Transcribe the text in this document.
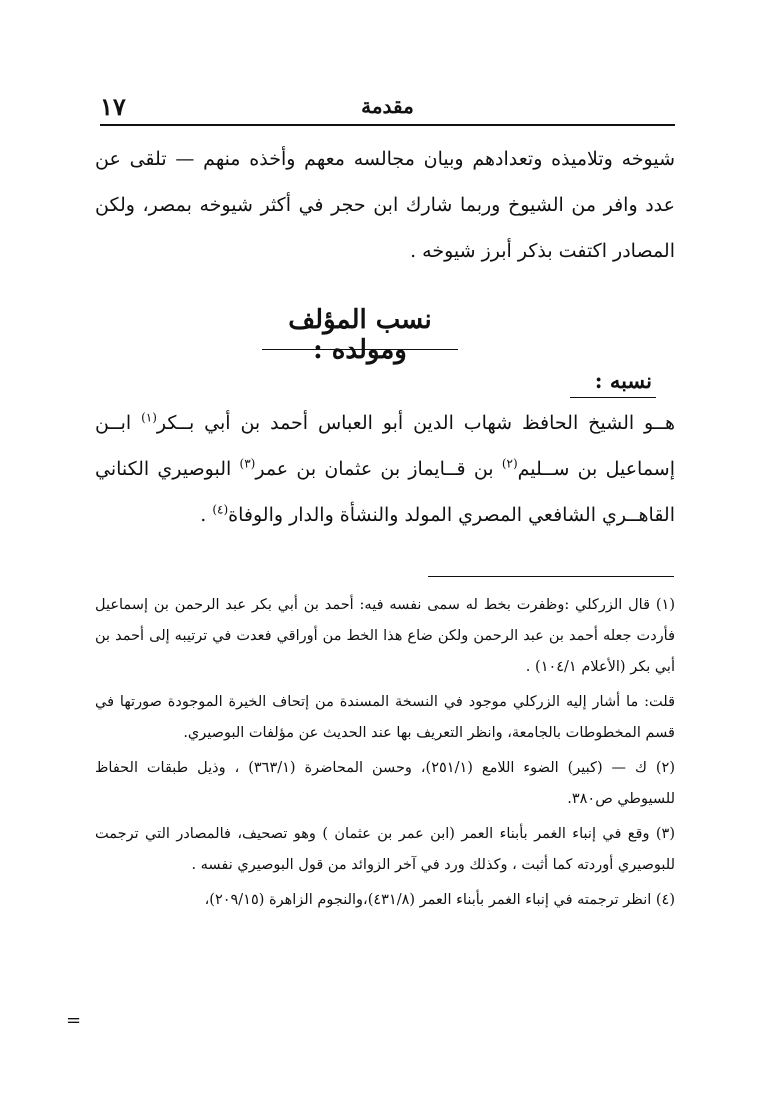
مقدمة
١٧
شيوخه وتلاميذه وتعدادهم وبيان مجالسه معهم وأخذه منهم — تلقى عن عدد وافر من الشيوخ وربما شارك ابن حجر في أكثر شيوخه بمصر، ولكن المصادر اكتفت بذكر أبرز شيوخه .
نسب المؤلف ومولده :
نسبه :

هــو الشيخ الحافظ شهاب الدين أبو العباس أحمد بن أبي بــكر$^{(١)}$ ابــن إسماعيل بن ســليم$^{(٢)}$ بن قــايماز بن عثمان بن عمر$^{(٣)}$ البوصيري الكناني القاهــري الشافعي المصري المولد والنشأة والدار والوفاة$^{(٤)}$ .

(١) قال الزركلي :وظفرت بخط له سمى نفسه فيه: أحمد بن أبي بكر عبد الرحمن بن إسماعيل فأردت جعله أحمد بن عبد الرحمن ولكن ضاع هذا الخط من أوراقي فعدت في ترتيبه إلى أحمد بن أبي بكر (الأعلام ١٠٤/١) .

قلت: ما أشار إليه الزركلي موجود في النسخة المسندة من إتحاف الخيرة الموجودة صورتها في قسم المخطوطات بالجامعة، وانظر التعريف بها عند الحديث عن مؤلفات البوصيري.

(٢) ك — (كبير) الضوء اللامع (٢٥١/١)، وحسن المحاضرة (٣٦٣/١) ، وذيل طبقات الحفاظ للسيوطي ص٣٨٠.

(٣) وقع في إنباء الغمر بأبناء العمر (ابن عمر بن عثمان ) وهو تصحيف، فالمصادر التي ترجمت للبوصيري أوردته كما أثبت ، وكذلك ورد في آخر الزوائد من قول البوصيري نفسه .

(٤) انظر ترجمته في إنباء الغمر بأبناء العمر (٤٣١/٨)،والنجوم الزاهرة (٢٠٩/١٥)،

=
